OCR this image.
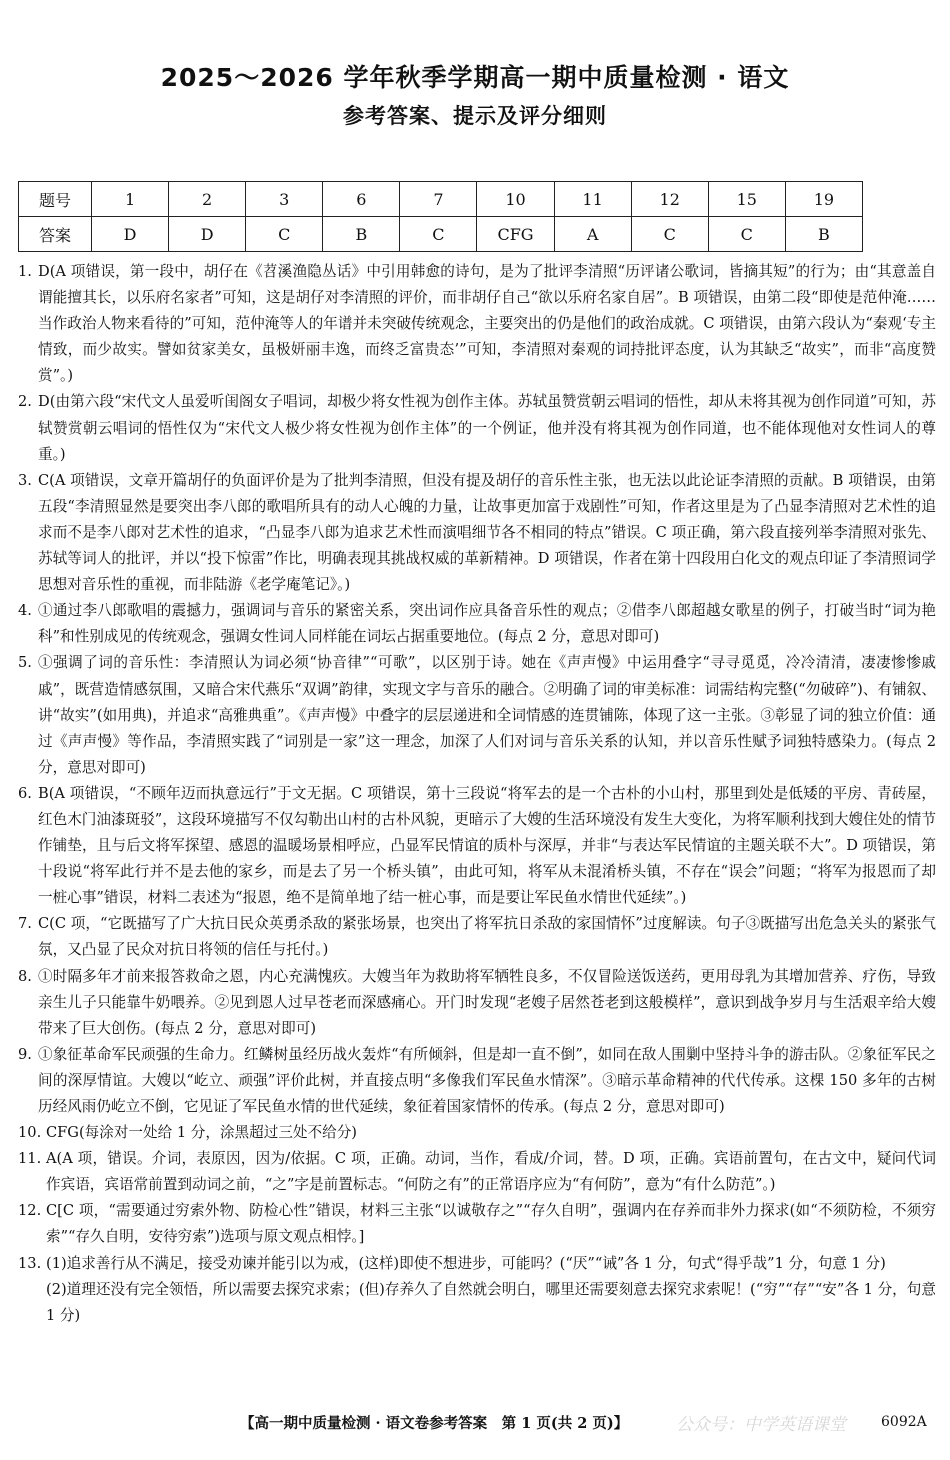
2025～2026 学年秋季学期高一期中质量检测 · 语文
参考答案、提示及评分细则
题号	1	2	3	6	7	10	11	12	15	19
答案	D	D	C	B	C	CFG	A	C	C	B
1. D(A 项错误，第一段中，胡仔在《苕溪渔隐丛话》中引用韩愈的诗句，是为了批评李清照“历评诸公歌词，皆摘其短”的行为；由“其意盖自谓能擅其长，以乐府名家者”可知，这是胡仔对李清照的评价，而非胡仔自己“欲以乐府名家自居”。B 项错误，由第二段“即使是范仲淹……当作政治人物来看待的”可知，范仲淹等人的年谱并未突破传统观念，主要突出的仍是他们的政治成就。C 项错误，由第六段认为“秦观‘专主情致，而少故实。譬如贫家美女，虽极妍丽丰逸，而终乏富贵态’”可知，李清照对秦观的词持批评态度，认为其缺乏“故实”，而非“高度赞赏”。)
2. D(由第六段“宋代文人虽爱听闺阁女子唱词，却极少将女性视为创作主体。苏轼虽赞赏朝云唱词的悟性，却从未将其视为创作同道”可知，苏轼赞赏朝云唱词的悟性仅为“宋代文人极少将女性视为创作主体”的一个例证，他并没有将其视为创作同道，也不能体现他对女性词人的尊重。)
3. C(A 项错误，文章开篇胡仔的负面评价是为了批判李清照，但没有提及胡仔的音乐性主张，也无法以此论证李清照的贡献。B 项错误，由第五段“李清照显然是要突出李八郎的歌唱所具有的动人心魄的力量，让故事更加富于戏剧性”可知，作者这里是为了凸显李清照对艺术性的追求而不是李八郎对艺术性的追求，“凸显李八郎为追求艺术性而演唱细节各不相同的特点”错误。C 项正确，第六段直接列举李清照对张先、苏轼等词人的批评，并以“投下惊雷”作比，明确表现其挑战权威的革新精神。D 项错误，作者在第十四段用白化文的观点印证了李清照词学思想对音乐性的重视，而非陆游《老学庵笔记》。)
4. ①通过李八郎歌唱的震撼力，强调词与音乐的紧密关系，突出词作应具备音乐性的观点；②借李八郎超越女歌星的例子，打破当时“词为艳科”和性别成见的传统观念，强调女性词人同样能在词坛占据重要地位。(每点 2 分，意思对即可)
5. ①强调了词的音乐性：李清照认为词必须“协音律”“可歌”，以区别于诗。她在《声声慢》中运用叠字“寻寻觅觅，冷冷清清，凄凄惨惨戚戚”，既营造情感氛围，又暗合宋代燕乐“双调”韵律，实现文字与音乐的融合。②明确了词的审美标准：词需结构完整(“勿破碎”)、有铺叙、讲“故实”(如用典)，并追求“高雅典重”。《声声慢》中叠字的层层递进和全词情感的连贯铺陈，体现了这一主张。③彰显了词的独立价值：通过《声声慢》等作品，李清照实践了“词别是一家”这一理念，加深了人们对词与音乐关系的认知，并以音乐性赋予词独特感染力。(每点 2 分，意思对即可)
6. B(A 项错误，“不顾年迈而执意远行”于文无据。C 项错误，第十三段说“将军去的是一个古朴的小山村，那里到处是低矮的平房、青砖屋，红色木门油漆斑驳”，这段环境描写不仅勾勒出山村的古朴风貌，更暗示了大嫂的生活环境没有发生大变化，为将军顺利找到大嫂住处的情节作铺垫，且与后文将军探望、感恩的温暖场景相呼应，凸显军民情谊的质朴与深厚，并非“与表达军民情谊的主题关联不大”。D 项错误，第十段说“将军此行并不是去他的家乡，而是去了另一个桥头镇”，由此可知，将军从未混淆桥头镇，不存在“误会”问题；“将军为报恩而了却一桩心事”错误，材料二表述为“报恩，绝不是简单地了结一桩心事，而是要让军民鱼水情世代延续”。)
7. C(C 项，“它既描写了广大抗日民众英勇杀敌的紧张场景，也突出了将军抗日杀敌的家国情怀”过度解读。句子③既描写出危急关头的紧张气氛，又凸显了民众对抗日将领的信任与托付。)
8. ①时隔多年才前来报答救命之恩，内心充满愧疚。大嫂当年为救助将军牺牲良多，不仅冒险送饭送药，更用母乳为其增加营养、疗伤，导致亲生儿子只能靠牛奶喂养。②见到恩人过早苍老而深感痛心。开门时发现“老嫂子居然苍老到这般模样”，意识到战争岁月与生活艰辛给大嫂带来了巨大创伤。(每点 2 分，意思对即可)
9. ①象征革命军民顽强的生命力。红鳞树虽经历战火轰炸“有所倾斜，但是却一直不倒”，如同在敌人围剿中坚持斗争的游击队。②象征军民之间的深厚情谊。大嫂以“屹立、顽强”评价此树，并直接点明“多像我们军民鱼水情深”。③暗示革命精神的代代传承。这棵 150 多年的古树历经风雨仍屹立不倒，它见证了军民鱼水情的世代延续，象征着国家情怀的传承。(每点 2 分，意思对即可)
10. CFG(每涂对一处给 1 分，涂黑超过三处不给分)
11. A(A 项，错误。介词，表原因，因为/依据。C 项，正确。动词，当作，看成/介词，替。D 项，正确。宾语前置句，在古文中，疑问代词作宾语，宾语常前置到动词之前，“之”字是前置标志。“何防之有”的正常语序应为“有何防”，意为“有什么防范”。)
12. C[C 项，“需要通过穷索外物、防检心性”错误，材料三主张“以诚敬存之”“存久自明”，强调内在存养而非外力探求(如“不须防检，不须穷索”“存久自明，安待穷索”)选项与原文观点相悖。]
13. (1)追求善行从不满足，接受劝谏并能引以为戒，(这样)即使不想进步，可能吗？(“厌”“诫”各 1 分，句式“得乎哉”1 分，句意 1 分)
(2)道理还没有完全领悟，所以需要去探究求索；(但)存养久了自然就会明白，哪里还需要刻意去探究求索呢！(“穷”“存”“安”各 1 分，句意 1 分)
公众号：中学英语课堂
【高一期中质量检测 · 语文卷参考答案　第 1 页(共 2 页)】	6092A
